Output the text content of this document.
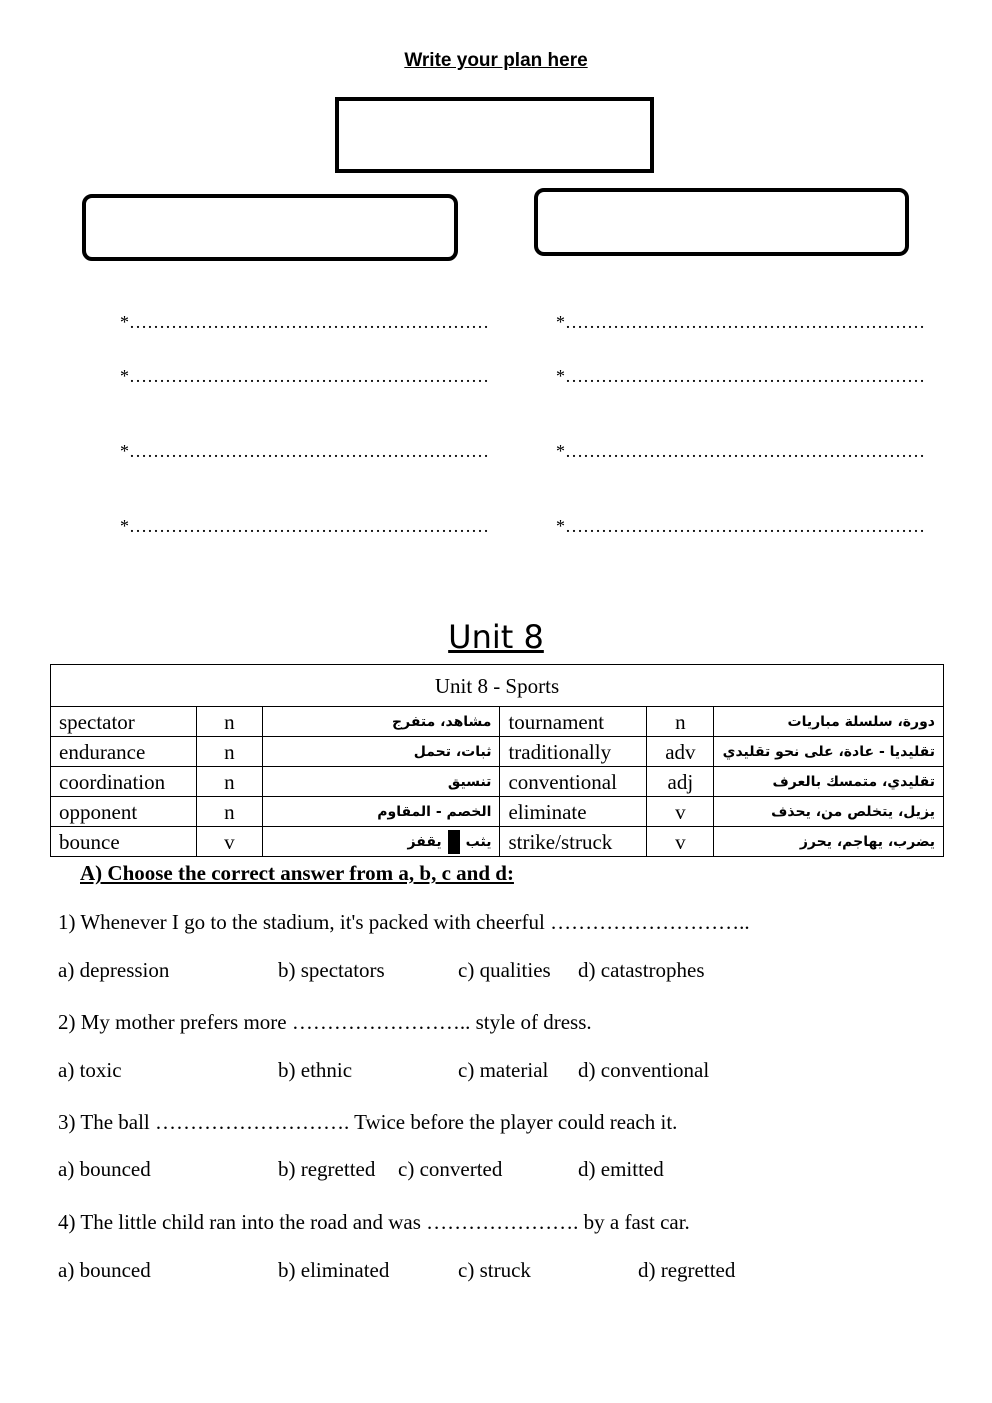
Write your plan here
*……………………………………………………
*……………………………………………………
*……………………………………………………
*……………………………………………………
*……………………………………………………
*……………………………………………………
*……………………………………………………
*……………………………………………………
Unit 8
Unit 8 - Sports					
spectator	n	مشاهد، متفرج	tournament	n	دورة، سلسلة مباريات
endurance	n	ثبات، تحمل	traditionally	adv	تقليديا - عادة، على نحو تقليدي
coordination	n	تنسيق	conventional	adj	تقليدي، متمسك بالعرف
opponent	n	الخصم - المقاوم	eliminate	v	يزيل، يتخلص من، يحذف
bounce	v	يثبيقفز	strike/struck	v	يضرب، يهاجم، يحرز
A) Choose the correct answer from a, b, c and d:
1) Whenever I go to the stadium, it's packed with cheerful ………………………..
a) depression	b) spectators	c) qualities d) catastrophes
2) My mother prefers more …………………….. style of dress.
a) toxic	b) ethnic	c) material d) conventional
3) The ball ………………………. Twice before the player could reach it.
a) bounced	b) regretted c) converted	d) emitted
4) The little child ran into the road and was …………………. by a fast car.
a) bounced	b) eliminated	c) struck	d) regretted
